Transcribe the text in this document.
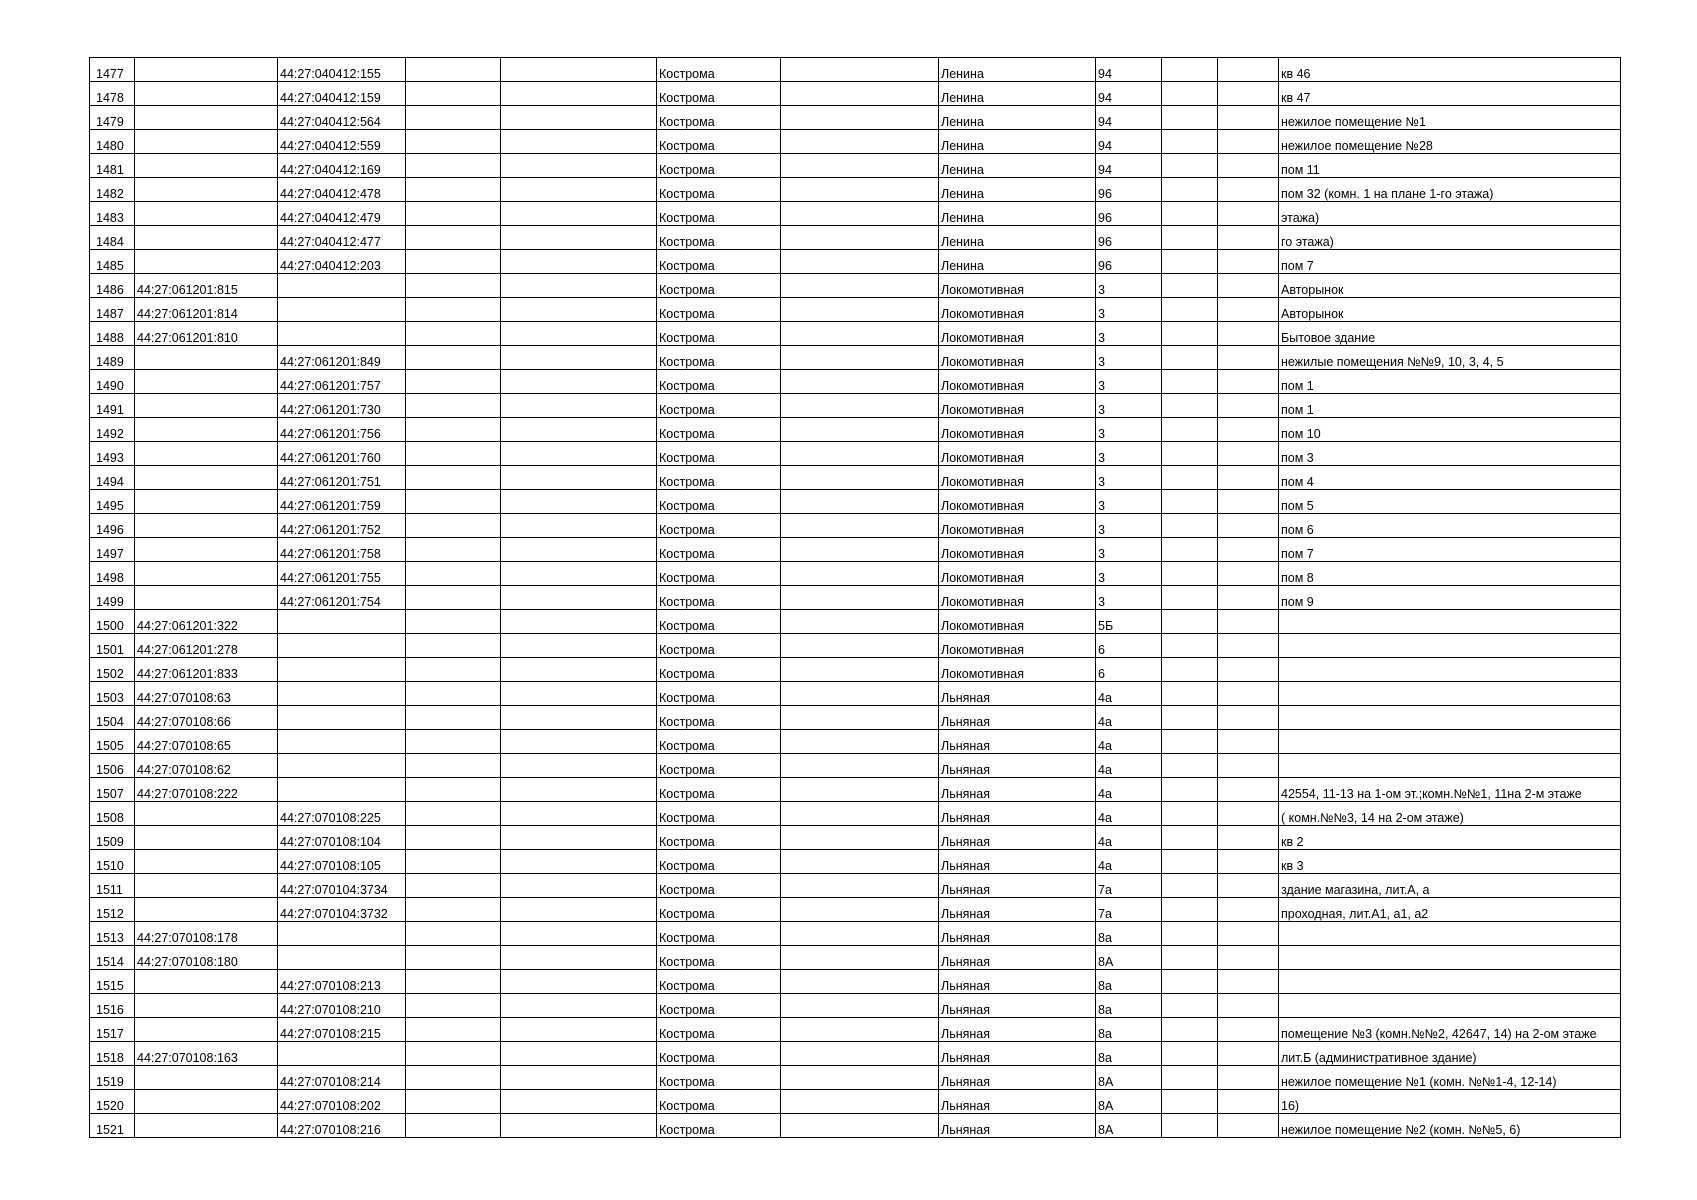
1477		44:27:040412:155			Кострома		Ленина	94			кв 46
1478		44:27:040412:159			Кострома		Ленина	94			кв 47
1479		44:27:040412:564			Кострома		Ленина	94			нежилое помещение №1
1480		44:27:040412:559			Кострома		Ленина	94			нежилое помещение №28
1481		44:27:040412:169			Кострома		Ленина	94			пом 11
1482		44:27:040412:478			Кострома		Ленина	96			пом 32 (комн. 1 на плане 1-го этажа)
1483		44:27:040412:479			Кострома		Ленина	96			этажа)
1484		44:27:040412:477			Кострома		Ленина	96			го этажа)
1485		44:27:040412:203			Кострома		Ленина	96			пом 7
1486	44:27:061201:815				Кострома		Локомотивная	3			Авторынок
1487	44:27:061201:814				Кострома		Локомотивная	3			Авторынок
1488	44:27:061201:810				Кострома		Локомотивная	3			Бытовое здание
1489		44:27:061201:849			Кострома		Локомотивная	3			нежилые помещения №№9, 10, 3, 4, 5
1490		44:27:061201:757			Кострома		Локомотивная	3			пом 1
1491		44:27:061201:730			Кострома		Локомотивная	3			пом 1
1492		44:27:061201:756			Кострома		Локомотивная	3			пом 10
1493		44:27:061201:760			Кострома		Локомотивная	3			пом 3
1494		44:27:061201:751			Кострома		Локомотивная	3			пом 4
1495		44:27:061201:759			Кострома		Локомотивная	3			пом 5
1496		44:27:061201:752			Кострома		Локомотивная	3			пом 6
1497		44:27:061201:758			Кострома		Локомотивная	3			пом 7
1498		44:27:061201:755			Кострома		Локомотивная	3			пом 8
1499		44:27:061201:754			Кострома		Локомотивная	3			пом 9
1500	44:27:061201:322				Кострома		Локомотивная	5Б			
1501	44:27:061201:278				Кострома		Локомотивная	6			
1502	44:27:061201:833				Кострома		Локомотивная	6			
1503	44:27:070108:63				Кострома		Льняная	4а			
1504	44:27:070108:66				Кострома		Льняная	4а			
1505	44:27:070108:65				Кострома		Льняная	4а			
1506	44:27:070108:62				Кострома		Льняная	4а			
1507	44:27:070108:222				Кострома		Льняная	4а			42554, 11-13 на 1-ом эт.;комн.№№1, 11на 2-м этаже
1508		44:27:070108:225			Кострома		Льняная	4а			( комн.№№3, 14 на 2-ом этаже)
1509		44:27:070108:104			Кострома		Льняная	4а			кв 2
1510		44:27:070108:105			Кострома		Льняная	4а			кв 3
1511		44:27:070104:3734			Кострома		Льняная	7а			здание магазина, лит.А, а
1512		44:27:070104:3732			Кострома		Льняная	7а			проходная, лит.А1, а1, а2
1513	44:27:070108:178				Кострома		Льняная	8а			
1514	44:27:070108:180				Кострома		Льняная	8А			
1515		44:27:070108:213			Кострома		Льняная	8а			
1516		44:27:070108:210			Кострома		Льняная	8а			
1517		44:27:070108:215			Кострома		Льняная	8а			помещение №3 (комн.№№2, 42647, 14) на 2-ом этаже
1518	44:27:070108:163				Кострома		Льняная	8а			лит.Б (административное здание)
1519		44:27:070108:214			Кострома		Льняная	8А			нежилое помещение №1 (комн. №№1-4, 12-14)
1520		44:27:070108:202			Кострома		Льняная	8А			16)
1521		44:27:070108:216			Кострома		Льняная	8А			нежилое помещение №2 (комн. №№5, 6)
